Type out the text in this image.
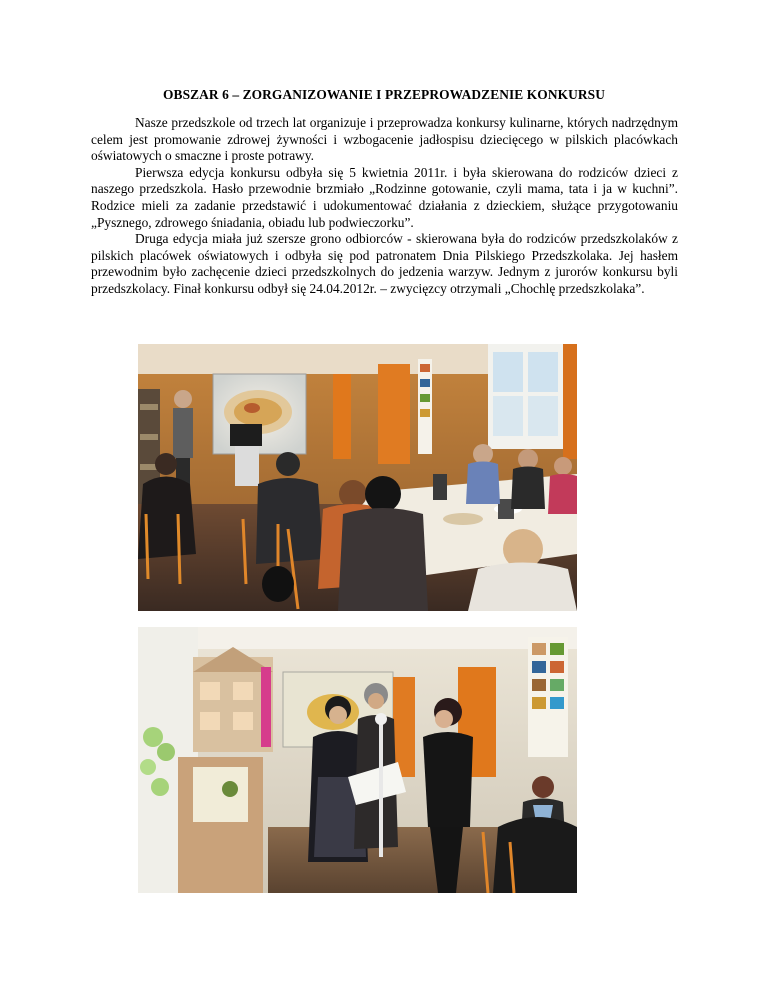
OBSZAR 6 – ZORGANIZOWANIE I PRZEPROWADZENIE KONKURSU

Nasze przedszkole od trzech lat organizuje i przeprowadza konkursy kulinarne, których nadrzędnym celem jest promowanie zdrowej żywności i wzbogacenie jadłospisu dziecięcego w pilskich placówkach oświatowych o smaczne i proste potrawy.

Pierwsza edycja konkursu odbyła się 5 kwietnia 2011r. i była skierowana do rodziców dzieci z naszego przedszkola. Hasło przewodnie brzmiało „Rodzinne gotowanie, czyli mama, tata i ja w kuchni”. Rodzice mieli za zadanie przedstawić i udokumentować działania z dzieckiem, służące przygotowaniu „Pysznego, zdrowego śniadania, obiadu lub podwieczorku”.

Druga edycja miała już szersze grono odbiorców - skierowana była do rodziców przedszkolaków z pilskich placówek oświatowych i odbyła się pod patronatem Dnia Pilskiego Przedszkolaka. Jej hasłem przewodnim było zachęcenie dzieci przedszkolnych do jedzenia warzyw. Jednym z jurorów konkursu byli przedszkolacy. Finał konkursu odbył się 24.04.2012r. – zwycięzcy otrzymali „Chochlę przedszkolaka”.
